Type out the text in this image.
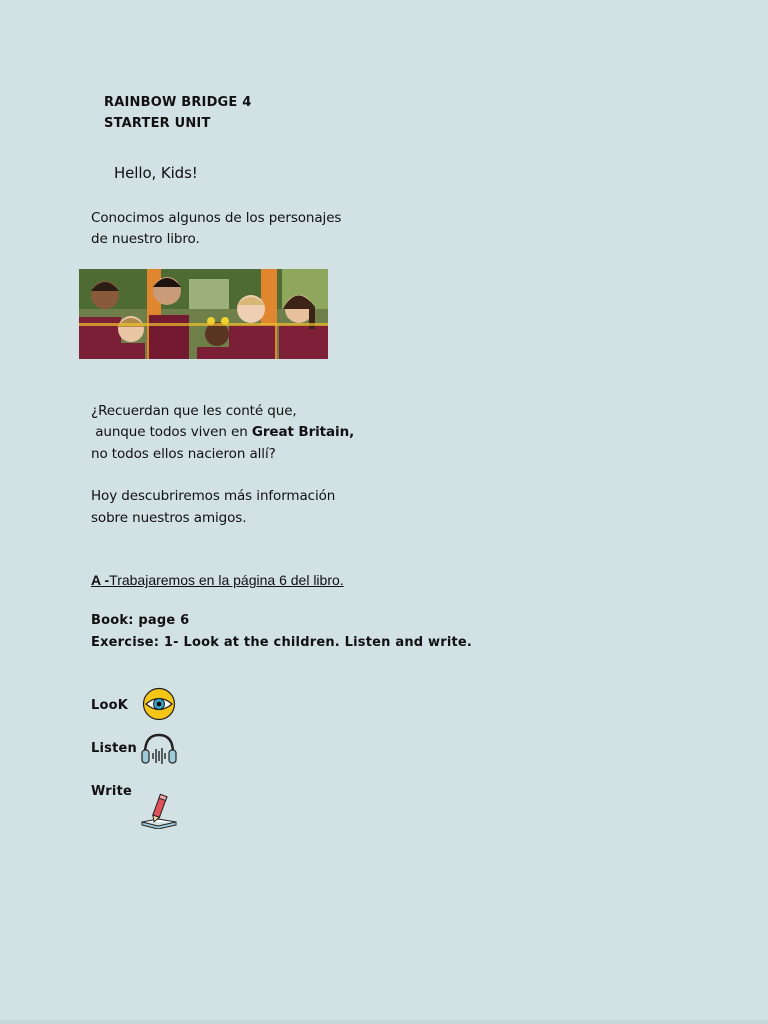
RAINBOW BRIDGE 4
STARTER UNIT
Hello, Kids!
Conocimos algunos de los personajes
de nuestro libro.
¿Recuerdan que les conté que,
aunque todos viven en Great Britain,
no todos ellos nacieron allí?
Hoy descubriremos más información
sobre nuestros amigos.
A -Trabajaremos en la página 6 del libro.
Book: page 6
Exercise: 1- Look at the children. Listen and write.
LooK
Listen
Write
